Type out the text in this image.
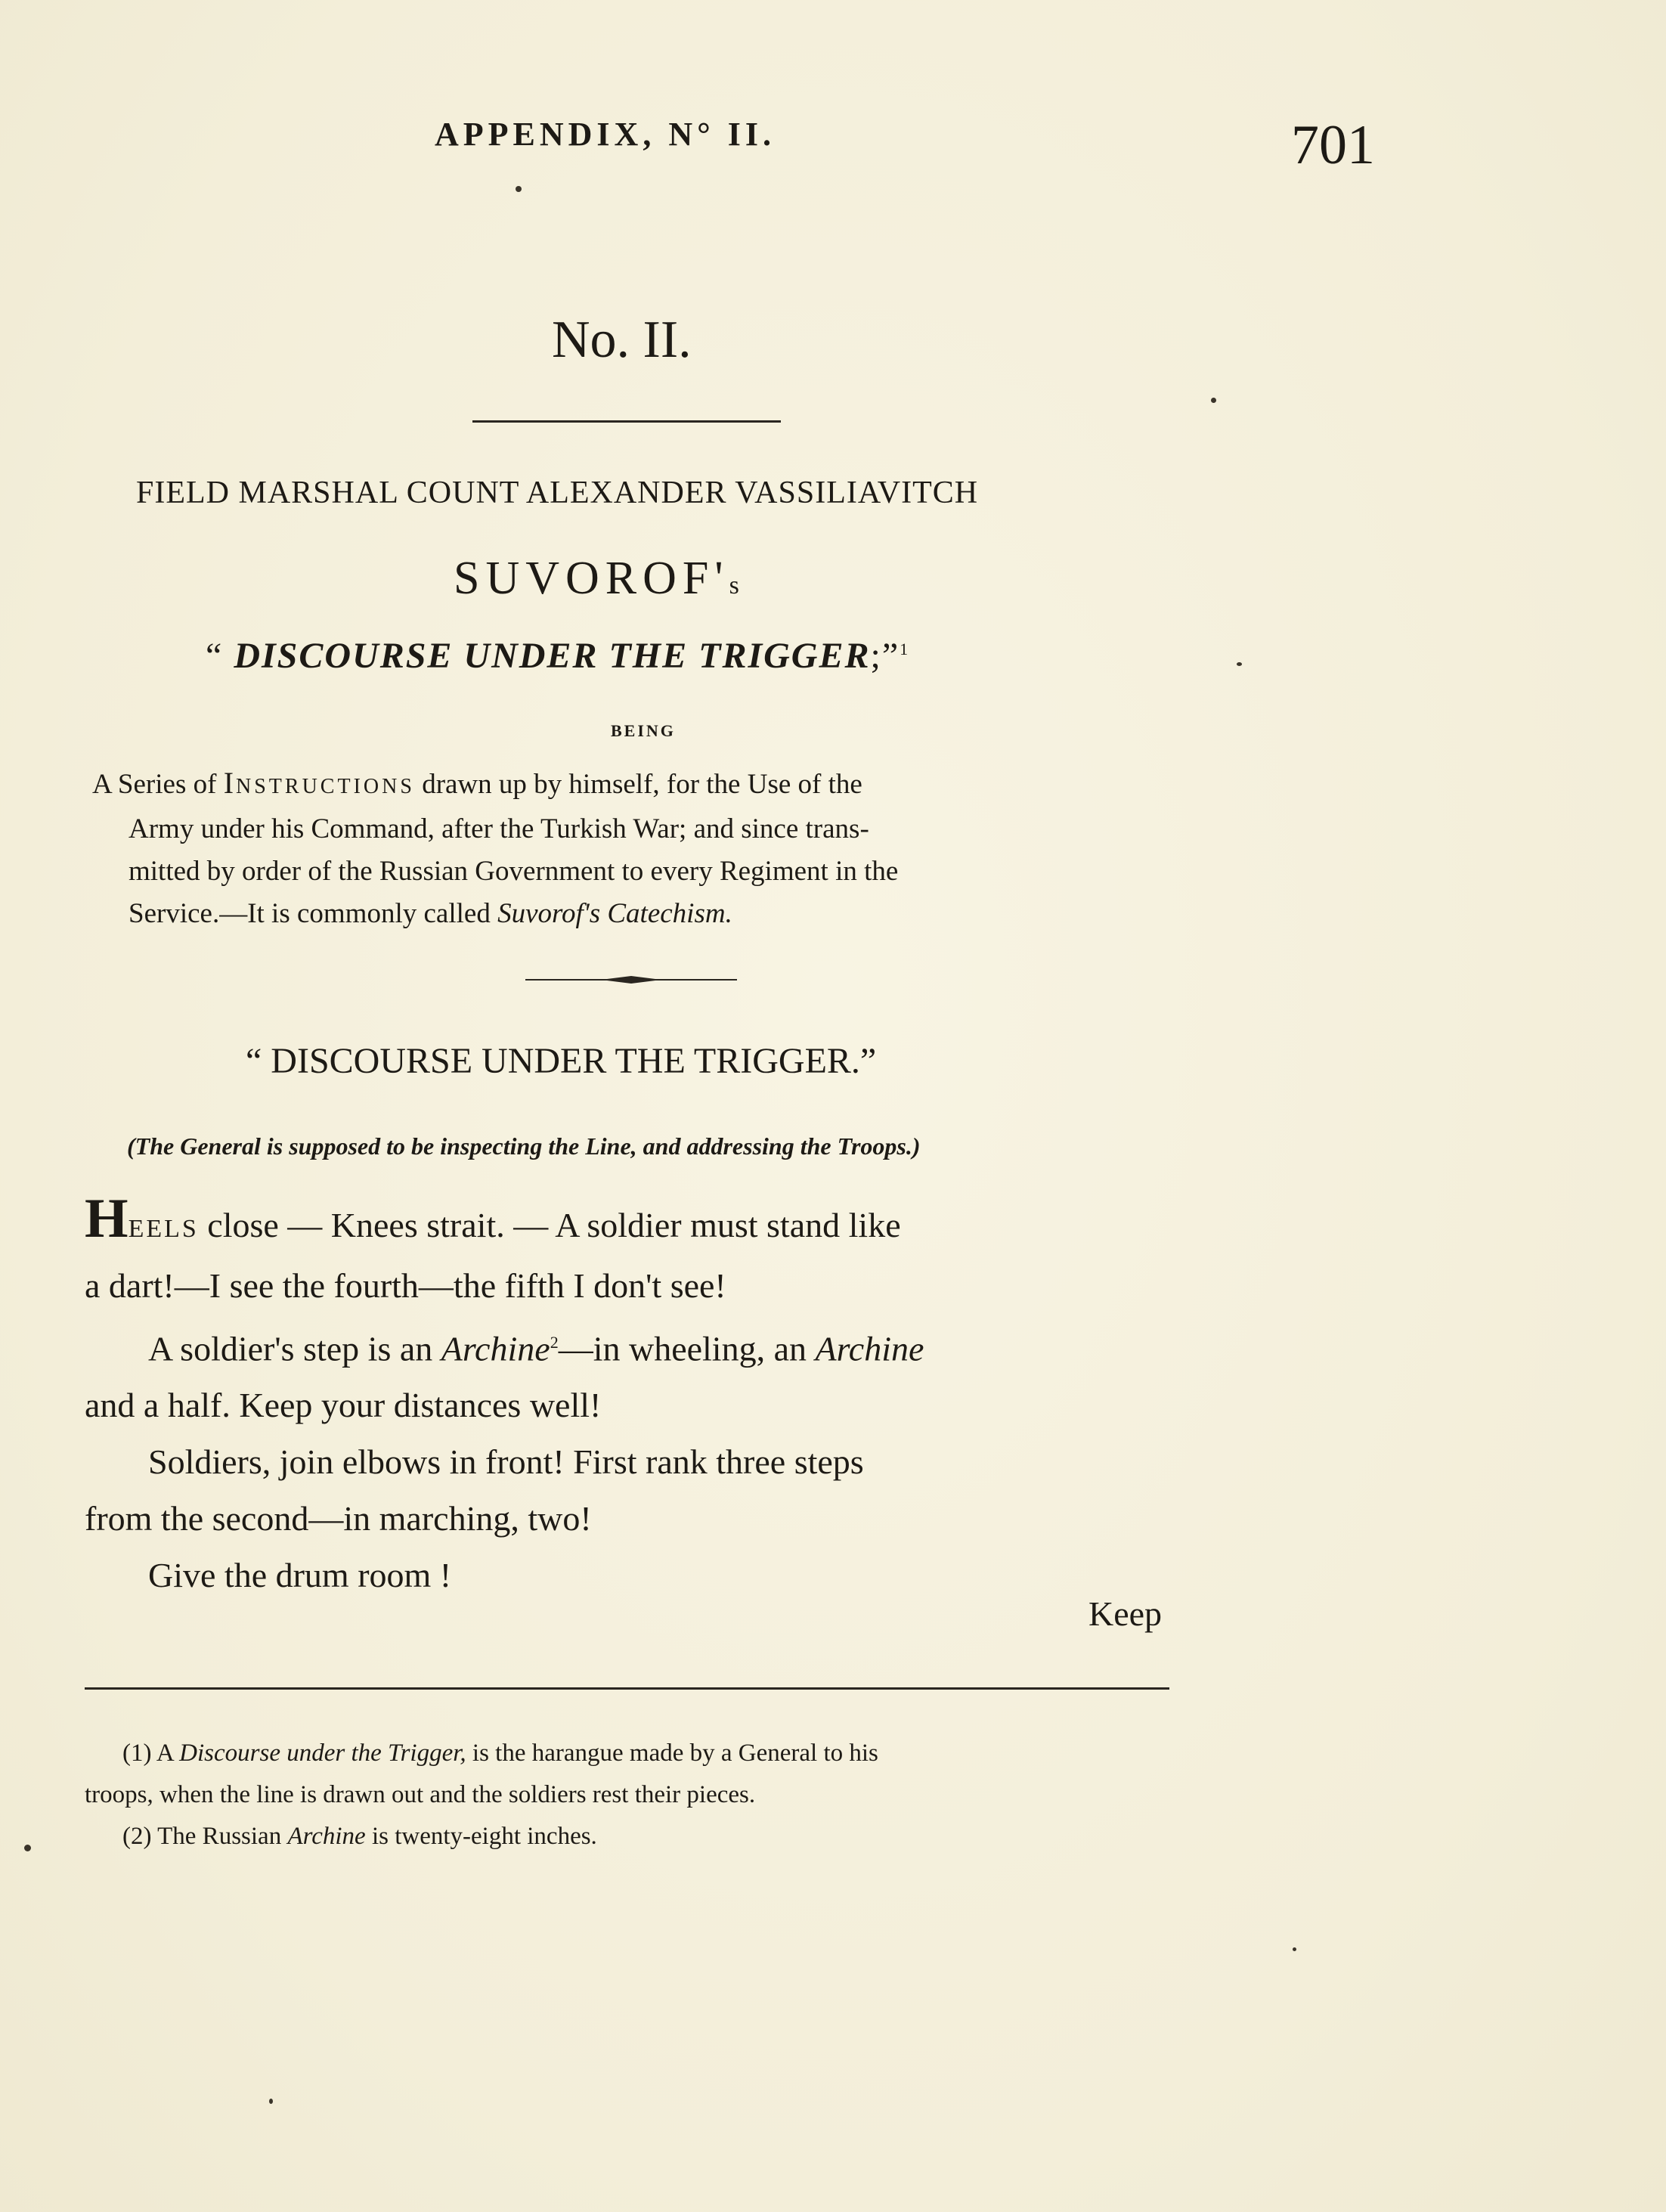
APPENDIX, N° II.	701
No. II.
FIELD MARSHAL COUNT ALEXANDER VASSILIAVITCH
SUVOROF's
“ DISCOURSE UNDER THE TRIGGER;”$^1$
BEING
A Series of INSTRUCTIONS drawn up by himself, for the Use of the
Army under his Command, after the Turkish War; and since trans-
mitted by order of the Russian Government to every Regiment in the
Service.—It is commonly called Suvorof's Catechism.
“ DISCOURSE UNDER THE TRIGGER.”
(The General is supposed to be inspecting the Line, and addressing the Troops.)
HEELS close — Knees strait. — A soldier must stand like
a dart!—I see the fourth—the fifth I don't see!
A soldier's step is an Archine$^2$—in wheeling, an Archine
and a half. Keep your distances well!
Soldiers, join elbows in front! First rank three steps
from the second—in marching, two!
Give the drum room !
Keep
(1) A Discourse under the Trigger, is the harangue made by a General to his
troops, when the line is drawn out and the soldiers rest their pieces.
(2) The Russian Archine is twenty-eight inches.
